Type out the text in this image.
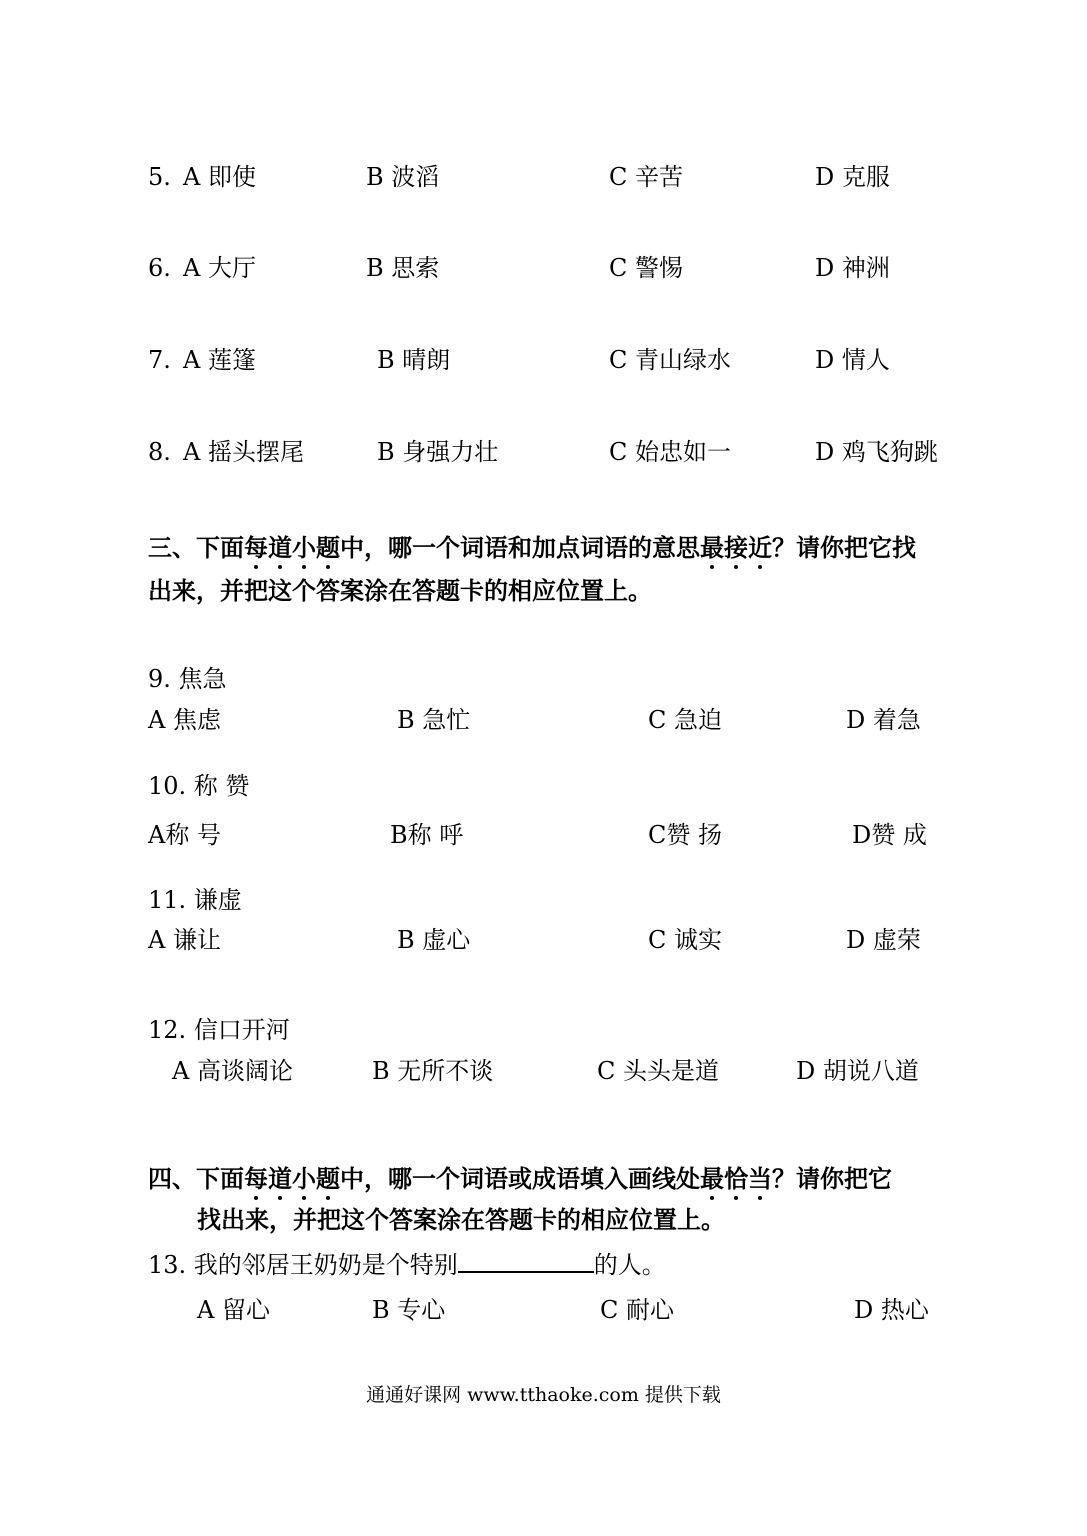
5. A 即使	B 波滔	C 辛苦	D 克服
6. A 大厅	B 思索	C 警惕	D 神洲
7. A 莲篷	B 晴朗	C 青山绿水	D 情人
8. A 摇头摆尾	B 身强力壮	C 始忠如一	D 鸡飞狗跳
三、下面每道小题中，哪一个词语和加点词语的意思最接近？请你把它找
出来，并把这个答案涂在答题卡的相应位置上。
9. 焦急
A 焦虑	B 急忙	C 急迫	D 着急
10. 称 赞
A称 号	B称 呼	C赞 扬	D赞 成
11. 谦虚
A 谦让	B 虚心	C 诚实	D 虚荣
12. 信口开河
A 高谈阔论	B 无所不谈	C 头头是道	D 胡说八道
四、下面每道小题中，哪一个词语或成语填入画线处最恰当？请你把它
找出来，并把这个答案涂在答题卡的相应位置上。
13. 我的邻居王奶奶是个特别	的人。
A 留心	B 专心	C 耐心	D 热心
通通好课网 www.tthaoke.com 提供下载
